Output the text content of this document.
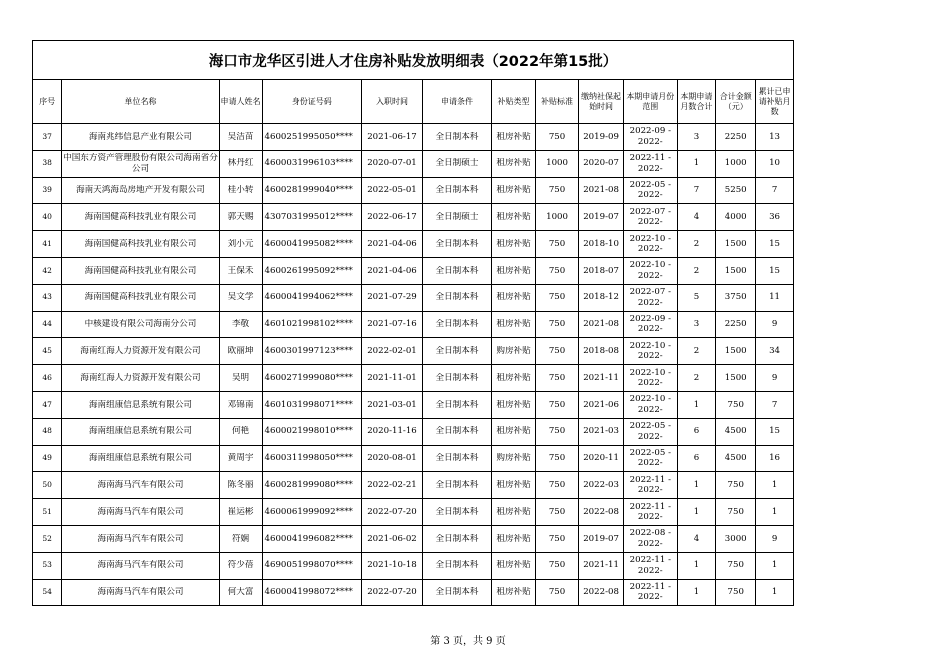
海口市龙华区引进人才住房补贴发放明细表（2022年第15批）												
序号	单位名称	申请人姓名	身份证号码	入职时间	申请条件	补贴类型	补贴标准	缴纳社保起始时间	本期申请月份范围	本期申请月数合计	合计金额（元）	累计已申请补贴月数

37	海南兆纬信息产业有限公司	吴洁苗	4600251995050****	2021-06-17	全日制本科	租房补贴	750	2019-09	2022-09 - 2022-	3	2250	13

38	中国东方资产管理股份有限公司海南省分公司	林丹红	4600031996103****	2020-07-01	全日制硕士	租房补贴	1000	2020-07	2022-11 - 2022-	1	1000	10

39	海南天鸿海岛房地产开发有限公司	桂小转	4600281999040****	2022-05-01	全日制本科	租房补贴	750	2021-08	2022-05 - 2022-	7	5250	7

40	海南国健高科技乳业有限公司	郭天赐	4307031995012****	2022-06-17	全日制硕士	租房补贴	1000	2019-07	2022-07 - 2022-	4	4000	36

41	海南国健高科技乳业有限公司	刘小元	4600041995082****	2021-04-06	全日制本科	租房补贴	750	2018-10	2022-10 - 2022-	2	1500	15

42	海南国健高科技乳业有限公司	王保禾	4600261995092****	2021-04-06	全日制本科	租房补贴	750	2018-07	2022-10 - 2022-	2	1500	15

43	海南国健高科技乳业有限公司	吴文学	4600041994062****	2021-07-29	全日制本科	租房补贴	750	2018-12	2022-07 - 2022-	5	3750	11

44	中核建设有限公司海南分公司	李敬	4601021998102****	2021-07-16	全日制本科	租房补贴	750	2021-08	2022-09 - 2022-	3	2250	9

45	海南红海人力资源开发有限公司	欧丽坤	4600301997123****	2022-02-01	全日制本科	购房补贴	750	2018-08	2022-10 - 2022-	2	1500	34

46	海南红海人力资源开发有限公司	吴明	4600271999080****	2021-11-01	全日制本科	租房补贴	750	2021-11	2022-10 - 2022-	2	1500	9

47	海南组康信息系统有限公司	邓锦南	4601031998071****	2021-03-01	全日制本科	租房补贴	750	2021-06	2022-10 - 2022-	1	750	7

48	海南组康信息系统有限公司	何艳	4600021998010****	2020-11-16	全日制本科	租房补贴	750	2021-03	2022-05 - 2022-	6	4500	15

49	海南组康信息系统有限公司	黄周宇	4600311998050****	2020-08-01	全日制本科	购房补贴	750	2020-11	2022-05 - 2022-	6	4500	16

50	海南海马汽车有限公司	陈冬丽	4600281999080****	2022-02-21	全日制本科	租房补贴	750	2022-03	2022-11 - 2022-	1	750	1

51	海南海马汽车有限公司	崔运彬	4600061999092****	2022-07-20	全日制本科	租房补贴	750	2022-08	2022-11 - 2022-	1	750	1

52	海南海马汽车有限公司	符娴	4600041996082****	2021-06-02	全日制本科	租房补贴	750	2019-07	2022-08 - 2022-	4	3000	9

53	海南海马汽车有限公司	符少蓓	4690051998070****	2021-10-18	全日制本科	租房补贴	750	2021-11	2022-11 - 2022-	1	750	1

54	海南海马汽车有限公司	何大富	4600041998072****	2022-07-20	全日制本科	租房补贴	750	2022-08	2022-11 - 2022-	1	750	1
第 3 页，共 9 页
